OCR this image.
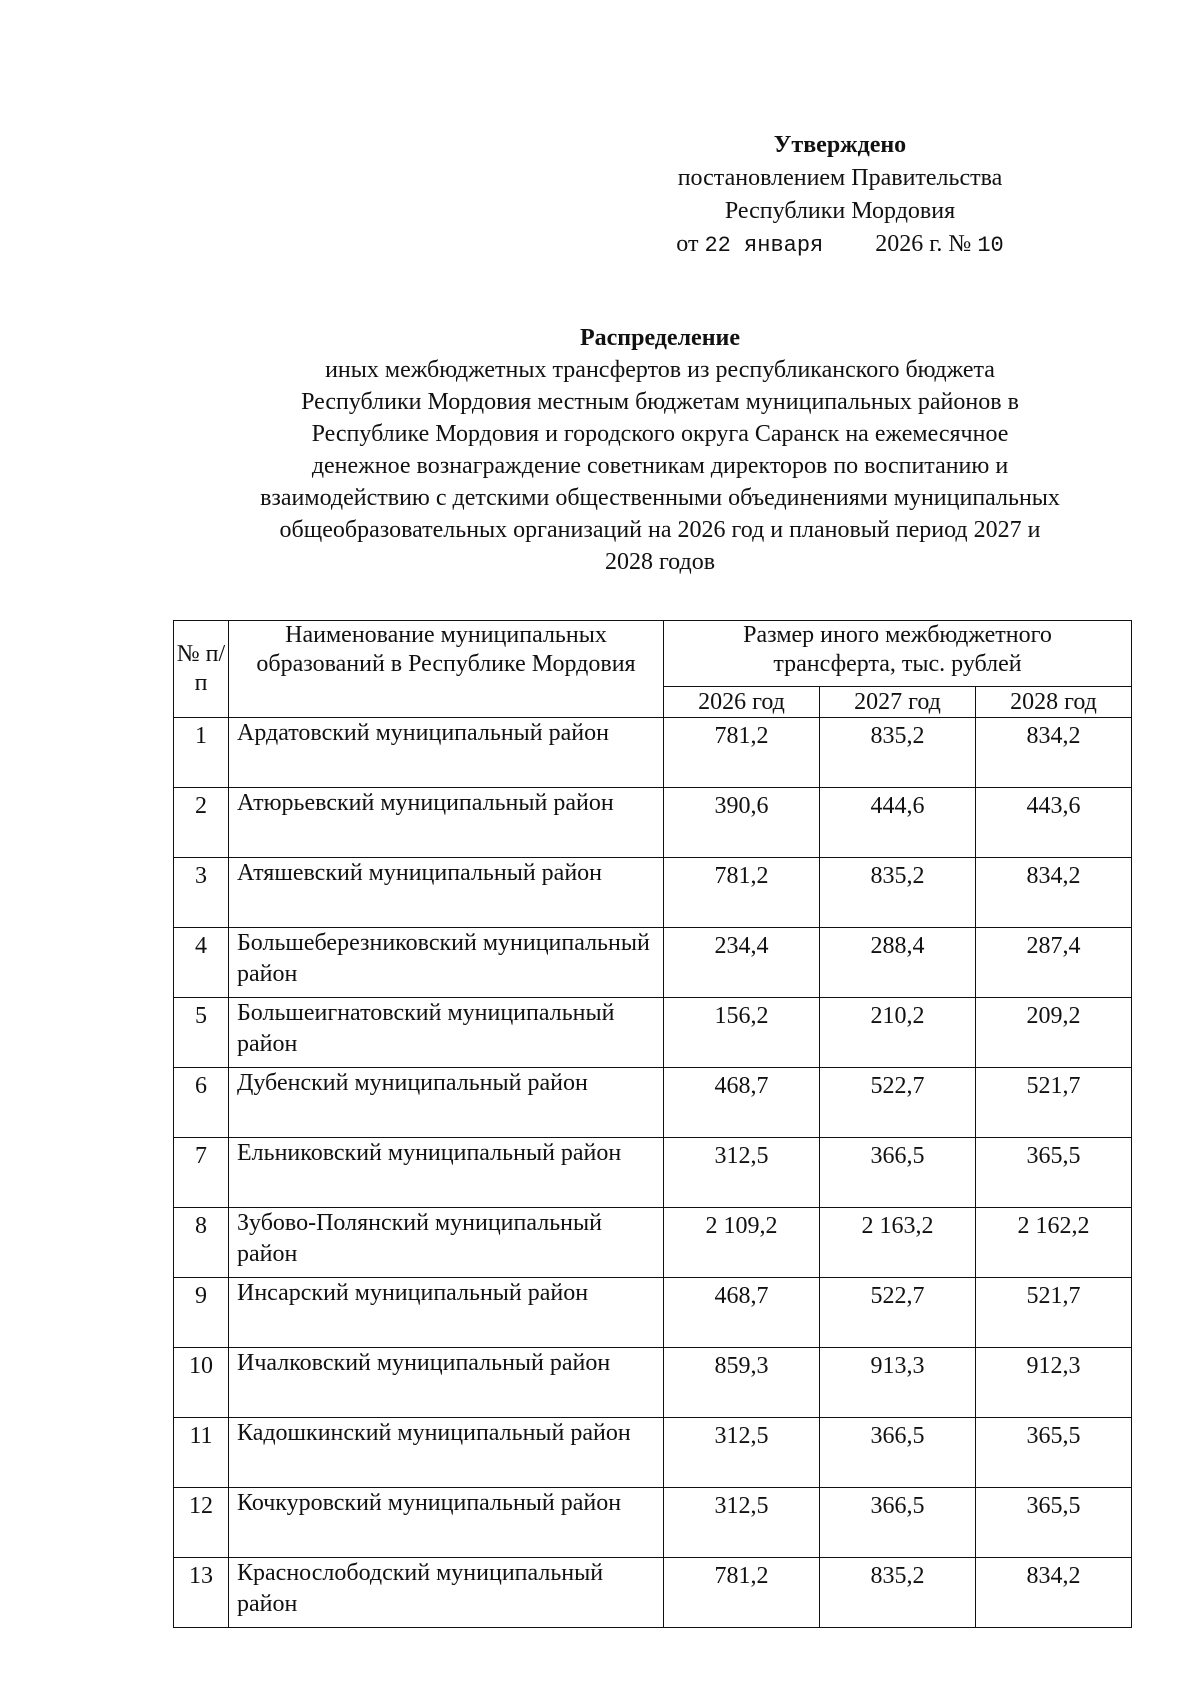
Утверждено
постановлением Правительства
Республики Мордовия
от 22 января 2026 г. № 10
Распределение
иных межбюджетных трансфертов из республиканского бюджета
Республики Мордовия местным бюджетам муниципальных районов в
Республике Мордовия и городского округа Саранск на ежемесячное
денежное вознаграждение советникам директоров по воспитанию и
взаимодействию с детскими общественными объединениями муниципальных
общеобразовательных организаций на 2026 год и плановый период 2027 и
2028 годов
№ п/п	Наименование муниципальных образований в Республике Мордовия	Размер иного межбюджетного трансферта, тыс. рублей		
		2026 год	2027 год	2028 год
1	Ардатовский муниципальный район	781,2	835,2	834,2
2	Атюрьевский муниципальный район	390,6	444,6	443,6
3	Атяшевский муниципальный район	781,2	835,2	834,2
4	Большеберезниковский муниципальный район	234,4	288,4	287,4
5	Большеигнатовский муниципальный район	156,2	210,2	209,2
6	Дубенский муниципальный район	468,7	522,7	521,7
7	Ельниковский муниципальный район	312,5	366,5	365,5
8	Зубово-Полянский муниципальный район	2 109,2	2 163,2	2 162,2
9	Инсарский муниципальный район	468,7	522,7	521,7
10	Ичалковский муниципальный район	859,3	913,3	912,3
11	Кадошкинский муниципальный район	312,5	366,5	365,5
12	Кочкуровский муниципальный район	312,5	366,5	365,5
13	Краснослободский муниципальный район	781,2	835,2	834,2
